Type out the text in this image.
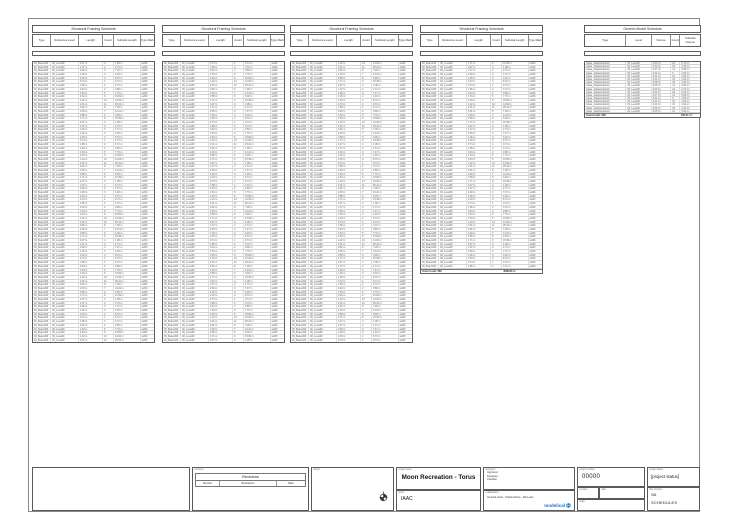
Structural Framing Schedule
Type	Reference Level	Length	Count	Subtotal Length	Type Mark
00_Beam200	00_Level00	0.27 m	4	1.08 m	w200
00_Beam200	00_Level00	1.37 m	2	2.74 m	w200
00_Beam200	00_Level00	2.49 m	3	7.47 m	w200
00_Beam200	00_Level00	1.06 m	3	3.18 m	w200
00_Beam200	00_Level00	2.18 m	4	8.72 m	w200
00_Beam200	00_Level00	0.74 m	1	0.74 m	w200
00_Beam200	00_Level00	1.86 m	2	3.72 m	w200
00_Beam200	00_Level00	0.43 m	2	0.86 m	w200
00_Beam200	00_Level00	1.54 m	5	7.70 m	w200
00_Beam200	00_Level00	2.64 m	6	15.84 m	w200
00_Beam200	00_Level00	1.22 m	12	14.64 m	w200
00_Beam200	00_Level00	2.31 m	11	25.41 m	w200
00_Beam200	00_Level00	0.91 m	8	7.28 m	w200
00_Beam200	00_Level00	2.03 m	7	14.21 m	w200
00_Beam200	00_Level00	0.58 m	6	3.48 m	w200
00_Beam200	00_Level00	1.71 m	9	15.39 m	w200
00_Beam200	00_Level00	0.27 m	4	1.08 m	w200
00_Beam200	00_Level00	1.37 m	2	2.74 m	w200
00_Beam200	00_Level00	2.49 m	3	7.47 m	w200
00_Beam200	00_Level00	1.06 m	3	3.18 m	w200
00_Beam200	00_Level00	2.18 m	4	8.72 m	w200
00_Beam200	00_Level00	0.74 m	1	0.74 m	w200
00_Beam200	00_Level00	1.86 m	2	3.72 m	w200
00_Beam200	00_Level00	0.43 m	2	0.86 m	w200
00_Beam200	00_Level00	1.54 m	5	7.70 m	w200
00_Beam200	00_Level00	2.64 m	6	15.84 m	w200
00_Beam200	00_Level00	1.22 m	12	14.64 m	w200
00_Beam200	00_Level00	2.31 m	11	25.41 m	w200
00_Beam200	00_Level00	0.91 m	8	7.28 m	w200
00_Beam200	00_Level00	2.03 m	7	14.21 m	w200
00_Beam200	00_Level00	0.58 m	6	3.48 m	w200
00_Beam200	00_Level00	1.71 m	9	15.39 m	w200
00_Beam200	00_Level00	0.27 m	4	1.08 m	w200
00_Beam200	00_Level00	1.37 m	2	2.74 m	w200
00_Beam200	00_Level00	2.49 m	3	7.47 m	w200
00_Beam200	00_Level00	1.06 m	3	3.18 m	w200
00_Beam200	00_Level00	2.18 m	4	8.72 m	w200
00_Beam200	00_Level00	0.74 m	1	0.74 m	w200
00_Beam200	00_Level00	1.86 m	2	3.72 m	w200
00_Beam200	00_Level00	0.43 m	2	0.86 m	w200
00_Beam200	00_Level00	1.54 m	5	7.70 m	w200
00_Beam200	00_Level00	2.64 m	6	15.84 m	w200
00_Beam200	00_Level00	1.22 m	12	14.64 m	w200
00_Beam200	00_Level00	2.31 m	11	25.41 m	w200
00_Beam200	00_Level00	0.91 m	8	7.28 m	w200
00_Beam200	00_Level00	2.03 m	7	14.21 m	w200
00_Beam200	00_Level00	0.58 m	6	3.48 m	w200
00_Beam200	00_Level00	1.71 m	9	15.39 m	w200
00_Beam200	00_Level00	0.27 m	4	1.08 m	w200
00_Beam200	00_Level00	1.37 m	2	2.74 m	w200
00_Beam200	00_Level00	2.49 m	3	7.47 m	w200
00_Beam200	00_Level00	1.06 m	3	3.18 m	w200
00_Beam200	00_Level00	2.18 m	4	8.72 m	w200
00_Beam200	00_Level00	0.74 m	1	0.74 m	w200
00_Beam200	00_Level00	1.86 m	2	3.72 m	w200
00_Beam200	00_Level00	0.43 m	2	0.86 m	w200
00_Beam200	00_Level00	1.54 m	5	7.70 m	w200
00_Beam200	00_Level00	2.64 m	6	15.84 m	w200
00_Beam200	00_Level00	1.22 m	12	14.64 m	w200
00_Beam200	00_Level00	2.31 m	11	25.41 m	w200
00_Beam200	00_Level00	0.91 m	8	7.28 m	w200
00_Beam200	00_Level00	2.03 m	7	14.21 m	w200
00_Beam200	00_Level00	0.58 m	6	3.48 m	w200
00_Beam200	00_Level00	1.71 m	9	15.39 m	w200
00_Beam200	00_Level00	0.27 m	4	1.08 m	w200
00_Beam200	00_Level00	1.37 m	2	2.74 m	w200
00_Beam200	00_Level00	2.49 m	3	7.47 m	w200
00_Beam200	00_Level00	1.06 m	3	3.18 m	w200
00_Beam200	00_Level00	2.18 m	4	8.72 m	w200
00_Beam200	00_Level00	0.74 m	1	0.74 m	w200
00_Beam200	00_Level00	1.86 m	2	3.72 m	w200
00_Beam200	00_Level00	0.43 m	2	0.86 m	w200
00_Beam200	00_Level00	1.54 m	5	7.70 m	w200
00_Beam200	00_Level00	2.64 m	6	15.84 m	w200
00_Beam200	00_Level00	1.22 m	12	14.64 m	w200
00_Beam200	00_Level00	2.31 m	11	25.41 m	w200
Structural Framing Schedule
Type	Reference Level	Length	Count	Subtotal Length	Type Mark
00_Beam200	00_Level00	0.74 m	1	0.74 m	w200
00_Beam200	00_Level00	1.86 m	2	3.72 m	w200
00_Beam200	00_Level00	0.43 m	2	0.86 m	w200
00_Beam200	00_Level00	1.54 m	5	7.70 m	w200
00_Beam200	00_Level00	2.64 m	6	15.84 m	w200
00_Beam200	00_Level00	1.22 m	12	14.64 m	w200
00_Beam200	00_Level00	2.31 m	11	25.41 m	w200
00_Beam200	00_Level00	0.91 m	8	7.28 m	w200
00_Beam200	00_Level00	2.03 m	7	14.21 m	w200
00_Beam200	00_Level00	0.58 m	6	3.48 m	w200
00_Beam200	00_Level00	1.71 m	9	15.39 m	w200
00_Beam200	00_Level00	0.27 m	4	1.08 m	w200
00_Beam200	00_Level00	1.37 m	2	2.74 m	w200
00_Beam200	00_Level00	2.49 m	3	7.47 m	w200
00_Beam200	00_Level00	1.06 m	3	3.18 m	w200
00_Beam200	00_Level00	2.18 m	4	8.72 m	w200
00_Beam200	00_Level00	0.74 m	1	0.74 m	w200
00_Beam200	00_Level00	1.86 m	2	3.72 m	w200
00_Beam200	00_Level00	0.43 m	2	0.86 m	w200
00_Beam200	00_Level00	1.54 m	5	7.70 m	w200
00_Beam200	00_Level00	2.64 m	6	15.84 m	w200
00_Beam200	00_Level00	1.22 m	12	14.64 m	w200
00_Beam200	00_Level00	2.31 m	11	25.41 m	w200
00_Beam200	00_Level00	0.91 m	8	7.28 m	w200
00_Beam200	00_Level00	2.03 m	7	14.21 m	w200
00_Beam200	00_Level00	0.58 m	6	3.48 m	w200
00_Beam200	00_Level00	1.71 m	9	15.39 m	w200
00_Beam200	00_Level00	0.27 m	4	1.08 m	w200
00_Beam200	00_Level00	1.37 m	2	2.74 m	w200
00_Beam200	00_Level00	2.49 m	3	7.47 m	w200
00_Beam200	00_Level00	1.06 m	3	3.18 m	w200
00_Beam200	00_Level00	2.18 m	4	8.72 m	w200
00_Beam200	00_Level00	0.74 m	1	0.74 m	w200
00_Beam200	00_Level00	1.86 m	2	3.72 m	w200
00_Beam200	00_Level00	0.43 m	2	0.86 m	w200
00_Beam200	00_Level00	1.54 m	5	7.70 m	w200
00_Beam200	00_Level00	2.64 m	6	15.84 m	w200
00_Beam200	00_Level00	1.22 m	12	14.64 m	w200
00_Beam200	00_Level00	2.31 m	11	25.41 m	w200
00_Beam200	00_Level00	0.91 m	8	7.28 m	w200
00_Beam200	00_Level00	2.03 m	7	14.21 m	w200
00_Beam200	00_Level00	0.58 m	6	3.48 m	w200
00_Beam200	00_Level00	1.71 m	9	15.39 m	w200
00_Beam200	00_Level00	0.27 m	4	1.08 m	w200
00_Beam200	00_Level00	1.37 m	2	2.74 m	w200
00_Beam200	00_Level00	2.49 m	3	7.47 m	w200
00_Beam200	00_Level00	1.06 m	3	3.18 m	w200
00_Beam200	00_Level00	2.18 m	4	8.72 m	w200
00_Beam200	00_Level00	0.74 m	1	0.74 m	w200
00_Beam200	00_Level00	1.86 m	2	3.72 m	w200
00_Beam200	00_Level00	0.43 m	2	0.86 m	w200
00_Beam200	00_Level00	1.54 m	5	7.70 m	w200
00_Beam200	00_Level00	2.64 m	6	15.84 m	w200
00_Beam200	00_Level00	1.22 m	12	14.64 m	w200
00_Beam200	00_Level00	2.31 m	11	25.41 m	w200
00_Beam200	00_Level00	0.91 m	8	7.28 m	w200
00_Beam200	00_Level00	2.03 m	7	14.21 m	w200
00_Beam200	00_Level00	0.58 m	6	3.48 m	w200
00_Beam200	00_Level00	1.71 m	9	15.39 m	w200
00_Beam200	00_Level00	0.27 m	4	1.08 m	w200
00_Beam200	00_Level00	1.37 m	2	2.74 m	w200
00_Beam200	00_Level00	2.49 m	3	7.47 m	w200
00_Beam200	00_Level00	1.06 m	3	3.18 m	w200
00_Beam200	00_Level00	2.18 m	4	8.72 m	w200
00_Beam200	00_Level00	0.74 m	1	0.74 m	w200
00_Beam200	00_Level00	1.86 m	2	3.72 m	w200
00_Beam200	00_Level00	0.43 m	2	0.86 m	w200
00_Beam200	00_Level00	1.54 m	5	7.70 m	w200
00_Beam200	00_Level00	2.64 m	6	15.84 m	w200
00_Beam200	00_Level00	1.22 m	12	14.64 m	w200
00_Beam200	00_Level00	2.31 m	11	25.41 m	w200
00_Beam200	00_Level00	0.91 m	8	7.28 m	w200
00_Beam200	00_Level00	2.03 m	7	14.21 m	w200
00_Beam200	00_Level00	0.58 m	6	3.48 m	w200
00_Beam200	00_Level00	1.71 m	9	15.39 m	w200
00_Beam200	00_Level00	0.27 m	4	1.08 m	w200
Structural Framing Schedule
Type	Reference Level	Length	Count	Subtotal Length	Type Mark
00_Beam200	00_Level00	1.22 m	12	14.64 m	w200
00_Beam200	00_Level00	2.31 m	11	25.41 m	w200
00_Beam200	00_Level00	0.91 m	8	7.28 m	w200
00_Beam200	00_Level00	2.03 m	7	14.21 m	w200
00_Beam200	00_Level00	0.58 m	6	3.48 m	w200
00_Beam200	00_Level00	1.71 m	9	15.39 m	w200
00_Beam200	00_Level00	0.27 m	4	1.08 m	w200
00_Beam200	00_Level00	1.37 m	2	2.74 m	w200
00_Beam200	00_Level00	2.49 m	3	7.47 m	w200
00_Beam200	00_Level00	1.06 m	3	3.18 m	w200
00_Beam200	00_Level00	2.18 m	4	8.72 m	w200
00_Beam200	00_Level00	0.74 m	1	0.74 m	w200
00_Beam200	00_Level00	1.86 m	2	3.72 m	w200
00_Beam200	00_Level00	0.43 m	2	0.86 m	w200
00_Beam200	00_Level00	1.54 m	5	7.70 m	w200
00_Beam200	00_Level00	2.64 m	6	15.84 m	w200
00_Beam200	00_Level00	1.22 m	12	14.64 m	w200
00_Beam200	00_Level00	2.31 m	11	25.41 m	w200
00_Beam200	00_Level00	0.91 m	8	7.28 m	w200
00_Beam200	00_Level00	2.03 m	7	14.21 m	w200
00_Beam200	00_Level00	0.58 m	6	3.48 m	w200
00_Beam200	00_Level00	1.71 m	9	15.39 m	w200
00_Beam200	00_Level00	0.27 m	4	1.08 m	w200
00_Beam200	00_Level00	1.37 m	2	2.74 m	w200
00_Beam200	00_Level00	2.49 m	3	7.47 m	w200
00_Beam200	00_Level00	1.06 m	3	3.18 m	w200
00_Beam200	00_Level00	2.18 m	4	8.72 m	w200
00_Beam200	00_Level00	0.74 m	1	0.74 m	w200
00_Beam200	00_Level00	1.86 m	2	3.72 m	w200
00_Beam200	00_Level00	0.43 m	2	0.86 m	w200
00_Beam200	00_Level00	1.54 m	5	7.70 m	w200
00_Beam200	00_Level00	2.64 m	6	15.84 m	w200
00_Beam200	00_Level00	1.22 m	12	14.64 m	w200
00_Beam200	00_Level00	2.31 m	11	25.41 m	w200
00_Beam200	00_Level00	0.91 m	8	7.28 m	w200
00_Beam200	00_Level00	2.03 m	7	14.21 m	w200
00_Beam200	00_Level00	0.58 m	6	3.48 m	w200
00_Beam200	00_Level00	1.71 m	9	15.39 m	w200
00_Beam200	00_Level00	0.27 m	4	1.08 m	w200
00_Beam200	00_Level00	1.37 m	2	2.74 m	w200
00_Beam200	00_Level00	2.49 m	3	7.47 m	w200
00_Beam200	00_Level00	1.06 m	3	3.18 m	w200
00_Beam200	00_Level00	2.18 m	4	8.72 m	w200
00_Beam200	00_Level00	0.74 m	1	0.74 m	w200
00_Beam200	00_Level00	1.86 m	2	3.72 m	w200
00_Beam200	00_Level00	0.43 m	2	0.86 m	w200
00_Beam200	00_Level00	1.54 m	5	7.70 m	w200
00_Beam200	00_Level00	2.64 m	6	15.84 m	w200
00_Beam200	00_Level00	1.22 m	12	14.64 m	w200
00_Beam200	00_Level00	2.31 m	11	25.41 m	w200
00_Beam200	00_Level00	0.91 m	8	7.28 m	w200
00_Beam200	00_Level00	2.03 m	7	14.21 m	w200
00_Beam200	00_Level00	0.58 m	6	3.48 m	w200
00_Beam200	00_Level00	1.71 m	9	15.39 m	w200
00_Beam200	00_Level00	0.27 m	4	1.08 m	w200
00_Beam200	00_Level00	1.37 m	2	2.74 m	w200
00_Beam200	00_Level00	2.49 m	3	7.47 m	w200
00_Beam200	00_Level00	1.06 m	3	3.18 m	w200
00_Beam200	00_Level00	2.18 m	4	8.72 m	w200
00_Beam200	00_Level00	0.74 m	1	0.74 m	w200
00_Beam200	00_Level00	1.86 m	2	3.72 m	w200
00_Beam200	00_Level00	0.43 m	2	0.86 m	w200
00_Beam200	00_Level00	1.54 m	5	7.70 m	w200
00_Beam200	00_Level00	2.64 m	6	15.84 m	w200
00_Beam200	00_Level00	1.22 m	12	14.64 m	w200
00_Beam200	00_Level00	2.31 m	11	25.41 m	w200
00_Beam200	00_Level00	0.91 m	8	7.28 m	w200
00_Beam200	00_Level00	2.03 m	7	14.21 m	w200
00_Beam200	00_Level00	0.58 m	6	3.48 m	w200
00_Beam200	00_Level00	1.71 m	9	15.39 m	w200
00_Beam200	00_Level00	0.27 m	4	1.08 m	w200
00_Beam200	00_Level00	1.37 m	2	2.74 m	w200
00_Beam200	00_Level00	2.49 m	3	7.47 m	w200
00_Beam200	00_Level00	1.06 m	3	3.18 m	w200
00_Beam200	00_Level00	2.18 m	4	8.72 m	w200
00_Beam200	00_Level00	0.74 m	1	0.74 m	w200
Structural Framing Schedule
Type	Reference Level	Length	Count	Subtotal Length	Type Mark
00_Beam200	00_Level00	1.71 m	9	15.39 m	w200
00_Beam200	00_Level00	0.27 m	4	1.08 m	w200
00_Beam200	00_Level00	1.37 m	2	2.74 m	w200
00_Beam200	00_Level00	2.49 m	3	7.47 m	w200
00_Beam200	00_Level00	1.06 m	3	3.18 m	w200
00_Beam200	00_Level00	2.18 m	4	8.72 m	w200
00_Beam200	00_Level00	0.74 m	1	0.74 m	w200
00_Beam200	00_Level00	1.86 m	2	3.72 m	w200
00_Beam200	00_Level00	0.43 m	2	0.86 m	w200
00_Beam200	00_Level00	1.54 m	5	7.70 m	w200
00_Beam200	00_Level00	2.64 m	6	15.84 m	w200
00_Beam200	00_Level00	1.22 m	12	14.64 m	w200
00_Beam200	00_Level00	2.31 m	11	25.41 m	w200
00_Beam200	00_Level00	0.91 m	8	7.28 m	w200
00_Beam200	00_Level00	2.03 m	7	14.21 m	w200
00_Beam200	00_Level00	0.58 m	6	3.48 m	w200
00_Beam200	00_Level00	1.71 m	9	15.39 m	w200
00_Beam200	00_Level00	0.27 m	4	1.08 m	w200
00_Beam200	00_Level00	1.37 m	2	2.74 m	w200
00_Beam200	00_Level00	2.49 m	3	7.47 m	w200
00_Beam200	00_Level00	1.06 m	3	3.18 m	w200
00_Beam200	00_Level00	2.18 m	4	8.72 m	w200
00_Beam200	00_Level00	0.74 m	1	0.74 m	w200
00_Beam200	00_Level00	1.86 m	2	3.72 m	w200
00_Beam200	00_Level00	0.43 m	2	0.86 m	w200
00_Beam200	00_Level00	1.54 m	5	7.70 m	w200
00_Beam200	00_Level00	2.64 m	6	15.84 m	w200
00_Beam200	00_Level00	1.22 m	12	14.64 m	w200
00_Beam200	00_Level00	2.31 m	11	25.41 m	w200
00_Beam200	00_Level00	0.91 m	8	7.28 m	w200
00_Beam200	00_Level00	2.03 m	7	14.21 m	w200
00_Beam200	00_Level00	0.58 m	6	3.48 m	w200
00_Beam200	00_Level00	1.71 m	9	15.39 m	w200
00_Beam200	00_Level00	0.27 m	4	1.08 m	w200
00_Beam200	00_Level00	1.37 m	2	2.74 m	w200
00_Beam200	00_Level00	2.49 m	3	7.47 m	w200
00_Beam200	00_Level00	1.06 m	3	3.18 m	w200
00_Beam200	00_Level00	2.18 m	4	8.72 m	w200
00_Beam200	00_Level00	0.74 m	1	0.74 m	w200
00_Beam200	00_Level00	1.86 m	2	3.72 m	w200
00_Beam200	00_Level00	0.43 m	2	0.86 m	w200
00_Beam200	00_Level00	1.54 m	5	7.70 m	w200
00_Beam200	00_Level00	2.64 m	6	15.84 m	w200
00_Beam200	00_Level00	1.22 m	12	14.64 m	w200
00_Beam200	00_Level00	2.31 m	11	25.41 m	w200
00_Beam200	00_Level00	0.91 m	8	7.28 m	w200
00_Beam200	00_Level00	2.03 m	7	14.21 m	w200
00_Beam200	00_Level00	0.58 m	6	3.48 m	w200
00_Beam200	00_Level00	1.71 m	9	15.39 m	w200
00_Beam200	00_Level00	0.27 m	4	1.08 m	w200
00_Beam200	00_Level00	1.37 m	2	2.74 m	w200
00_Beam200	00_Level00	2.49 m	3	7.47 m	w200
00_Beam200	00_Level00	1.06 m	3	3.18 m	w200
00_Beam200	00_Level00	2.18 m	4	8.72 m	w200
00_Beam200	00_Level00	0.74 m	1	0.74 m	w200
00_Beam200	00_Level00	1.86 m	2	3.72 m	w200
Grand total: 380	4568.89 m
Generic Model Schedule
Type	Level	Volume	Count	Subtotal Volume
Glass_AdaptiveFamily	00_Level00	0.03 m³	24	0.72 m³
Glass_AdaptiveFamily	00_Level00	0.02 m³	18	0.36 m³
Glass_AdaptiveFamily	00_Level00	0.47 m³	14	6.58 m³
Glass_AdaptiveFamily	00_Level00	0.34 m³	9	3.06 m³
Glass_AdaptiveFamily	00_Level00	0.21 m³	22	4.62 m³
Glass_AdaptiveFamily	00_Level00	0.12 m³	16	1.92 m³
Glass_AdaptiveFamily	00_Level00	0.08 m³	30	2.40 m³
Glass_AdaptiveFamily	00_Level00	0.05 m³	12	0.60 m³
Glass_AdaptiveFamily	00_Level00	0.03 m³	24	0.72 m³
Glass_AdaptiveFamily	00_Level00	0.02 m³	18	0.36 m³
Glass_AdaptiveFamily	00_Level00	0.47 m³	14	6.58 m³
Glass_AdaptiveFamily	00_Level00	0.34 m³	9	3.06 m³
Glass_AdaptiveFamily	00_Level00	0.21 m³	22	4.62 m³
Glass_AdaptiveFamily	00_Level00	0.12 m³	16	1.92 m³
Glass_AdaptiveFamily	00_Level00	0.08 m³	30	2.40 m³
Glass_AdaptiveFamily	00_Level00	0.05 m³	12	0.60 m³
Grand total: 383	403.01 m³
revisions
Revisions
Number	Description	Date
stamp	project name
Moon Recreation - Torus
client
IAAC
designers
Approver
Designer
Checker
collaborators
Amanda Gioia - Sophie Moore - Dat Leele
modelical
project number
00000
revision	date
scale
project status
[project status]
title of sheet
006
SCHEDULES
